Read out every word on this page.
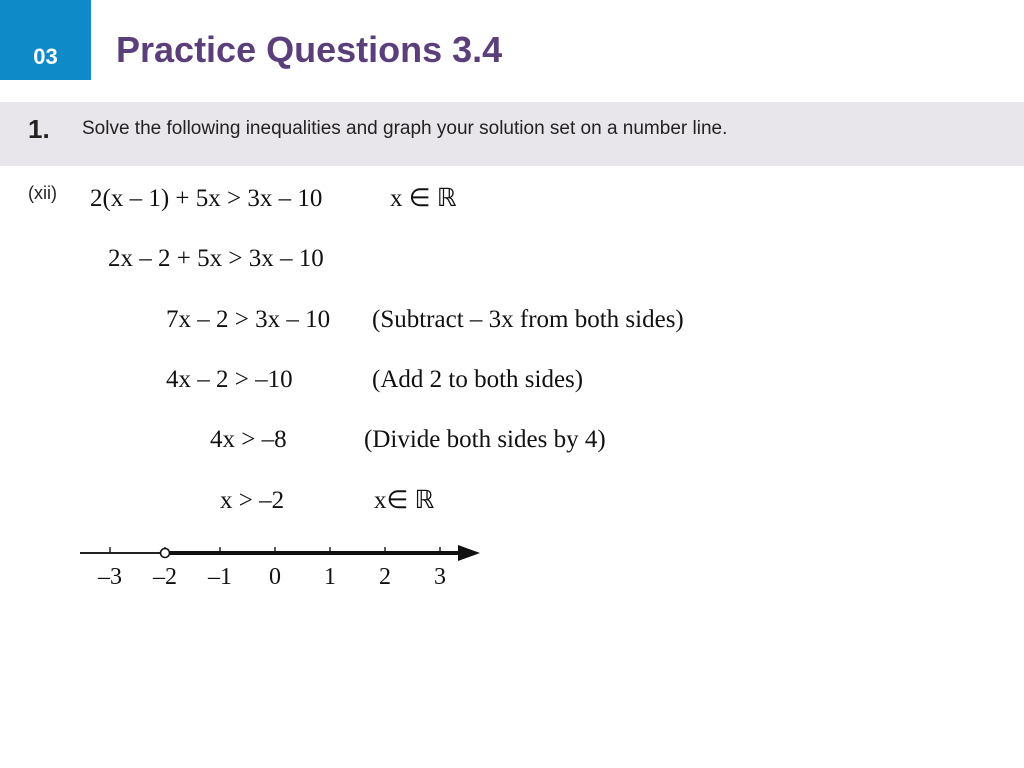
03 Practice Questions 3.4
1. Solve the following inequalities and graph your solution set on a number line.
(xii) 2(x – 1) + 5x > 3x – 10	x ∈ ℝ
2x – 2 + 5x > 3x – 10
7x – 2 > 3x – 10 (Subtract – 3x from both sides)
4x – 2 > –10	(Add 2 to both sides)
4x > –8	(Divide both sides by 4)
x > –2	x∈ ℝ
–3 –2 –1 0 1 2 3
